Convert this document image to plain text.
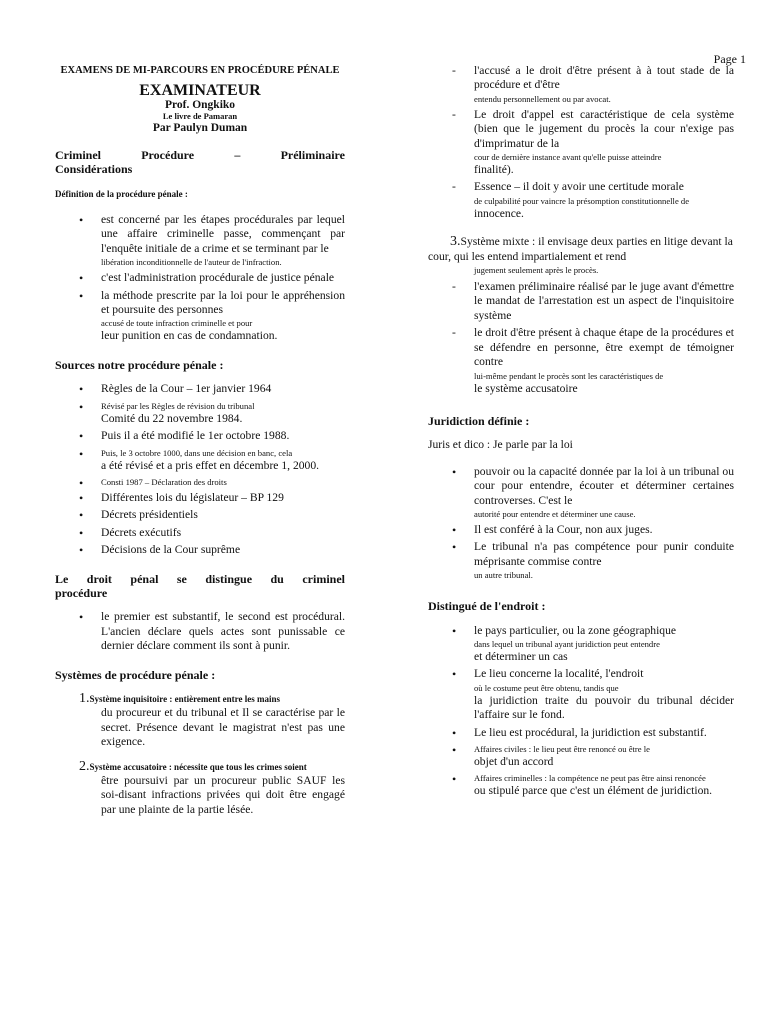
Page 1
EXAMENS DE MI-PARCOURS EN PROCÉDURE PÉNALE
EXAMINATEUR
Prof. Ongkiko
Le livre de Pamaran
Par Paulyn Duman
Criminel Procédure – Préliminaire
Considérations
Définition de la procédure pénale :
• est concerné par les étapes procédurales par lequel une affaire criminelle passe, commençant par l'enquête initiale de a crime et se terminant par le
libération inconditionnelle de l'auteur de l'infraction.
• c'est l'administration procédurale de justice pénale
• la méthode prescrite par la loi pour le appréhension et poursuite des personnes
accusé de toute infraction criminelle et pour
leur punition en cas de condamnation.
Sources notre procédure pénale :
• Règles de la Cour – 1er janvier 1964
• Révisé par les Règles de révision du tribunal
Comité du 22 novembre 1984.
• Puis il a été modifié le 1er octobre 1988.
• Puis, le 3 octobre 1000, dans une décision en banc, cela
a été révisé et a pris effet en décembre 1, 2000.
• Consti 1987 – Déclaration des droits
• Différentes lois du législateur – BP 129
• Décrets présidentiels
• Décrets exécutifs
• Décisions de la Cour suprême
Le droit pénal se distingue du criminel
procédure
• le premier est substantif, le second est procédural. L'ancien déclare quels actes sont punissable ce dernier déclare comment ils sont à punir.
Systèmes de procédure pénale :
1.Système inquisitoire : entièrement entre les mains
du procureur et du tribunal et Il se caractérise par le secret. Présence devant le magistrat n'est pas une exigence.
2.Système accusatoire : nécessite que tous les crimes soient
être poursuivi par un procureur public SAUF les soi-disant infractions privées qui doit être engagé par une plainte de la partie lésée.
- l'accusé a le droit d'être présent à à tout stade de la procédure et d'être
entendu personnellement ou par avocat.
- Le droit d'appel est caractéristique de cela système (bien que le jugement du procès la cour n'exige pas d'imprimatur de la
cour de dernière instance avant qu'elle puisse atteindre
finalité).
- Essence – il doit y avoir une certitude morale
de culpabilité pour vaincre la présomption constitutionnelle de
innocence.
3.Système mixte : il envisage deux parties en litige devant la cour, qui les entend impartialement et rend
jugement seulement après le procès.
- l'examen préliminaire réalisé par le juge avant d'émettre le mandat de l'arrestation est un aspect de l'inquisitoire système
- le droit d'être présent à chaque étape de la procédures et se défendre en personne, être exempt de témoigner contre
lui-même pendant le procès sont les caractéristiques de
le système accusatoire
Juridiction définie :
Juris et dico : Je parle par la loi
• pouvoir ou la capacité donnée par la loi à un tribunal ou cour pour entendre, écouter et déterminer certaines controverses. C'est le
autorité pour entendre et déterminer une cause.
• Il est conféré à la Cour, non aux juges.
• Le tribunal n'a pas compétence pour punir conduite méprisante commise contre
un autre tribunal.
Distingué de l'endroit :
• le pays particulier, ou la zone géographique
dans lequel un tribunal ayant juridiction peut entendre
et déterminer un cas
• Le lieu concerne la localité, l'endroit
où le costume peut être obtenu, tandis que
la juridiction traite du pouvoir du tribunal décider l'affaire sur le fond.
• Le lieu est procédural, la juridiction est substantif.
• Affaires civiles : le lieu peut être renoncé ou être le
objet d'un accord
• Affaires criminelles : la compétence ne peut pas être ainsi renoncée
ou stipulé parce que c'est un élément de juridiction.
